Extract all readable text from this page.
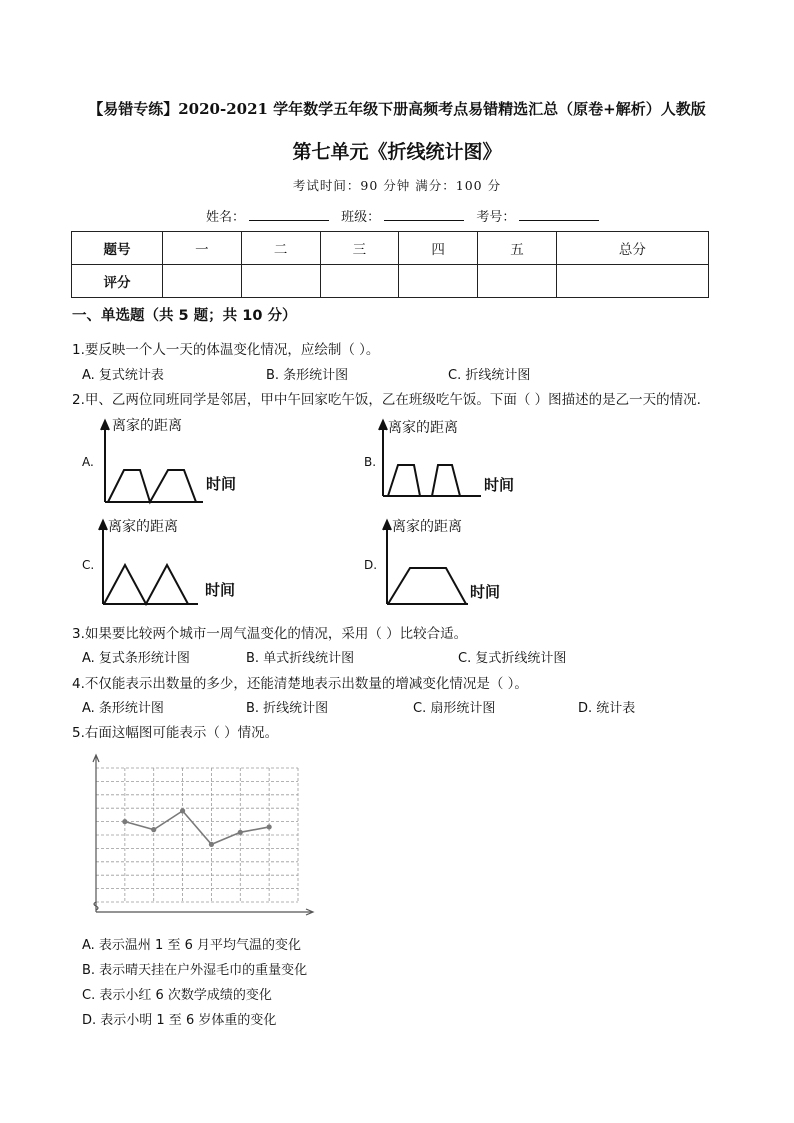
【易错专练】2020-2021 学年数学五年级下册高频考点易错精选汇总（原卷+解析）人教版
第七单元《折线统计图》
考试时间：90 分钟 满分：100 分
姓名：	班级：	考号：
题号	一	二	三	四	五	总分
评分						
一、单选题（共 5 题；共 10 分）
1.要反映一个人一天的体温变化情况，应绘制（ ）。
A. 复式统计表	B. 条形统计图	C. 折线统计图
2.甲、乙两位同班同学是邻居，甲中午回家吃午饭，乙在班级吃午饭。下面（ ）图描述的是乙一天的情况.
A.
离家的距离
时间
B.
离家的距离
时间
C.
离家的距离
时间
D.
离家的距离
时间
3.如果要比较两个城市一周气温变化的情况，采用（ ）比较合适。
A. 复式条形统计图	B. 单式折线统计图	C. 复式折线统计图
4.不仅能表示出数量的多少，还能清楚地表示出数量的增减变化情况是（ ）。
A. 条形统计图	B. 折线统计图	C. 扇形统计图	D. 统计表
5.右面这幅图可能表示（ ）情况。
A. 表示温州 1 至 6 月平均气温的变化
B. 表示晴天挂在户外湿毛巾的重量变化
C. 表示小红 6 次数学成绩的变化
D. 表示小明 1 至 6 岁体重的变化
